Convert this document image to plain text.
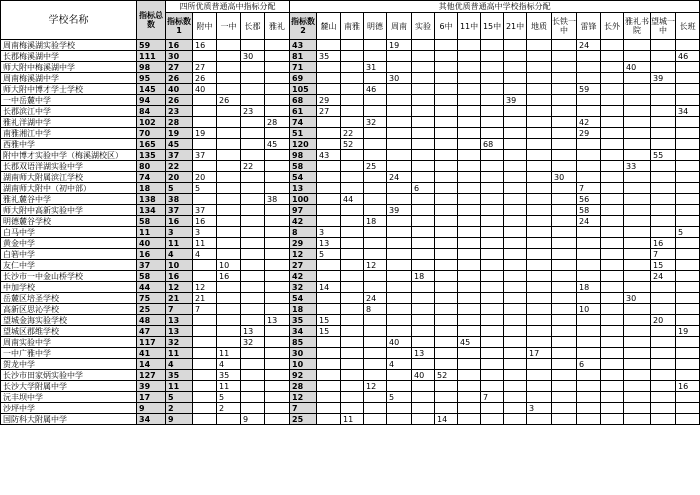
学校名称	指标总数	四所优质普通高中指标分配					其他优质普通高中学校指标分配																
		指标数1	附中	一中	长郡	雅礼	指标数2	麓山	南雅	明德	周南	实验	6中	11中	15中	21中	地质	长铁一中	雷锋	长外	雅礼书院	望城一中	长班
周南梅溪湖实验学校	59	16	16				43				19								24				
长郡梅溪湖中学	111	30			30		81	35															46
师大附中梅溪湖中学	98	27	27				71			31											40		
周南梅溪湖中学	95	26	26				69				30											39	
师大附中博才学士学校	145	40	40				105			46									59				
一中岳麓中学	94	26		26			68	29								39							
长郡滨江中学	84	23			23		61	27															34
雅礼洋湖中学	102	28				28	74			32									42				
南雅湘江中学	70	19	19				51		22										29				
西雅中学	165	45				45	120		52						68								
附中博才实验中学（梅溪湖校区）	135	37	37				98	43														55	
长郡双语洋湖实验中学	80	22			22		58			25											33		
湖南师大附属滨江学校	74	20	20				54				24							30					
湖南师大附中（初中部）	18	5	5				13					6							7				
雅礼麓谷中学	138	38				38	100		44										56				
师大附中高新实验中学	134	37	37				97				39								58				
明德麓谷学校	58	16	16				42			18									24				
白马中学	11	3	3				8	3															5
黄金中学	40	11	11				29	13														16	
白箬中学	16	4	4				12	5														7	
友仁中学	37	10		10			27			12												15	
长沙市一中金山桥学校	58	16		16			42					18										24	
中加学校	44	12	12				32	14											18				
岳麓区培圣学校	75	21	21				54			24											30		
高新区思沁学校	25	7	7				18			8									10				
望城金海实验学校	48	13				13	35	15														20	
望城区郡维学校	47	13			13		34	15															19
周南实验中学	117	32			32		85				40			45									
一中广雅中学	41	11		11			30					13					17						
贺龙中学	14	4		4			10				4								6				
长沙市田家炳实验中学	127	35		35			92					40	52										
长沙大学附属中学	39	11		11			28			12													16
沅丰坝中学	17	5		5			12				5				7								
沙坪中学	9	2		2			7										3						
国防科大附属中学	34	9			9		25		11				14										
